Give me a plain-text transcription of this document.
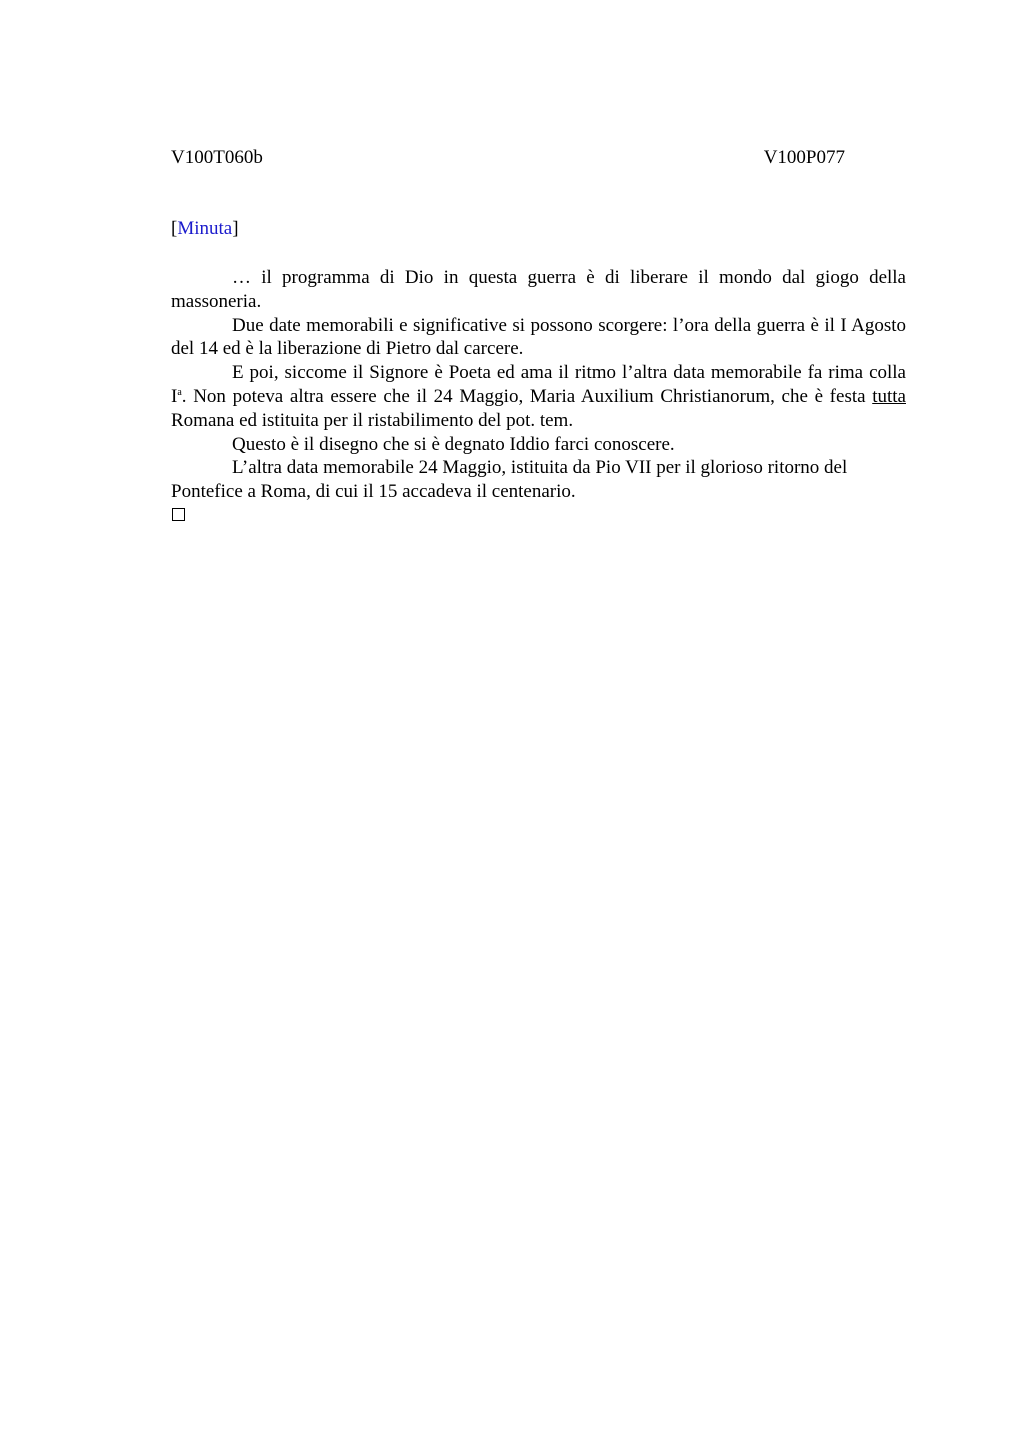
V100T060b	V100P077
[Minuta]

… il programma di Dio in questa guerra è di liberare il mondo dal giogo della massoneria.

Due date memorabili e significative si possono scorgere: l’ora della guerra è il I Agosto del 14 ed è la liberazione di Pietro dal carcere.

E poi, siccome il Signore è Poeta ed ama il ritmo l’altra data memorabile fa rima colla $I^a$. Non poteva altra essere che il 24 Maggio, Maria Auxilium Christianorum, che è festa tutta Romana ed istituita per il ristabilimento del pot. tem.

Questo è il disegno che si è degnato Iddio farci conoscere.

L’altra data memorabile 24 Maggio, istituita da Pio VII per il glorioso ritorno del Pontefice a Roma, di cui il 15 accadeva il centenario.
